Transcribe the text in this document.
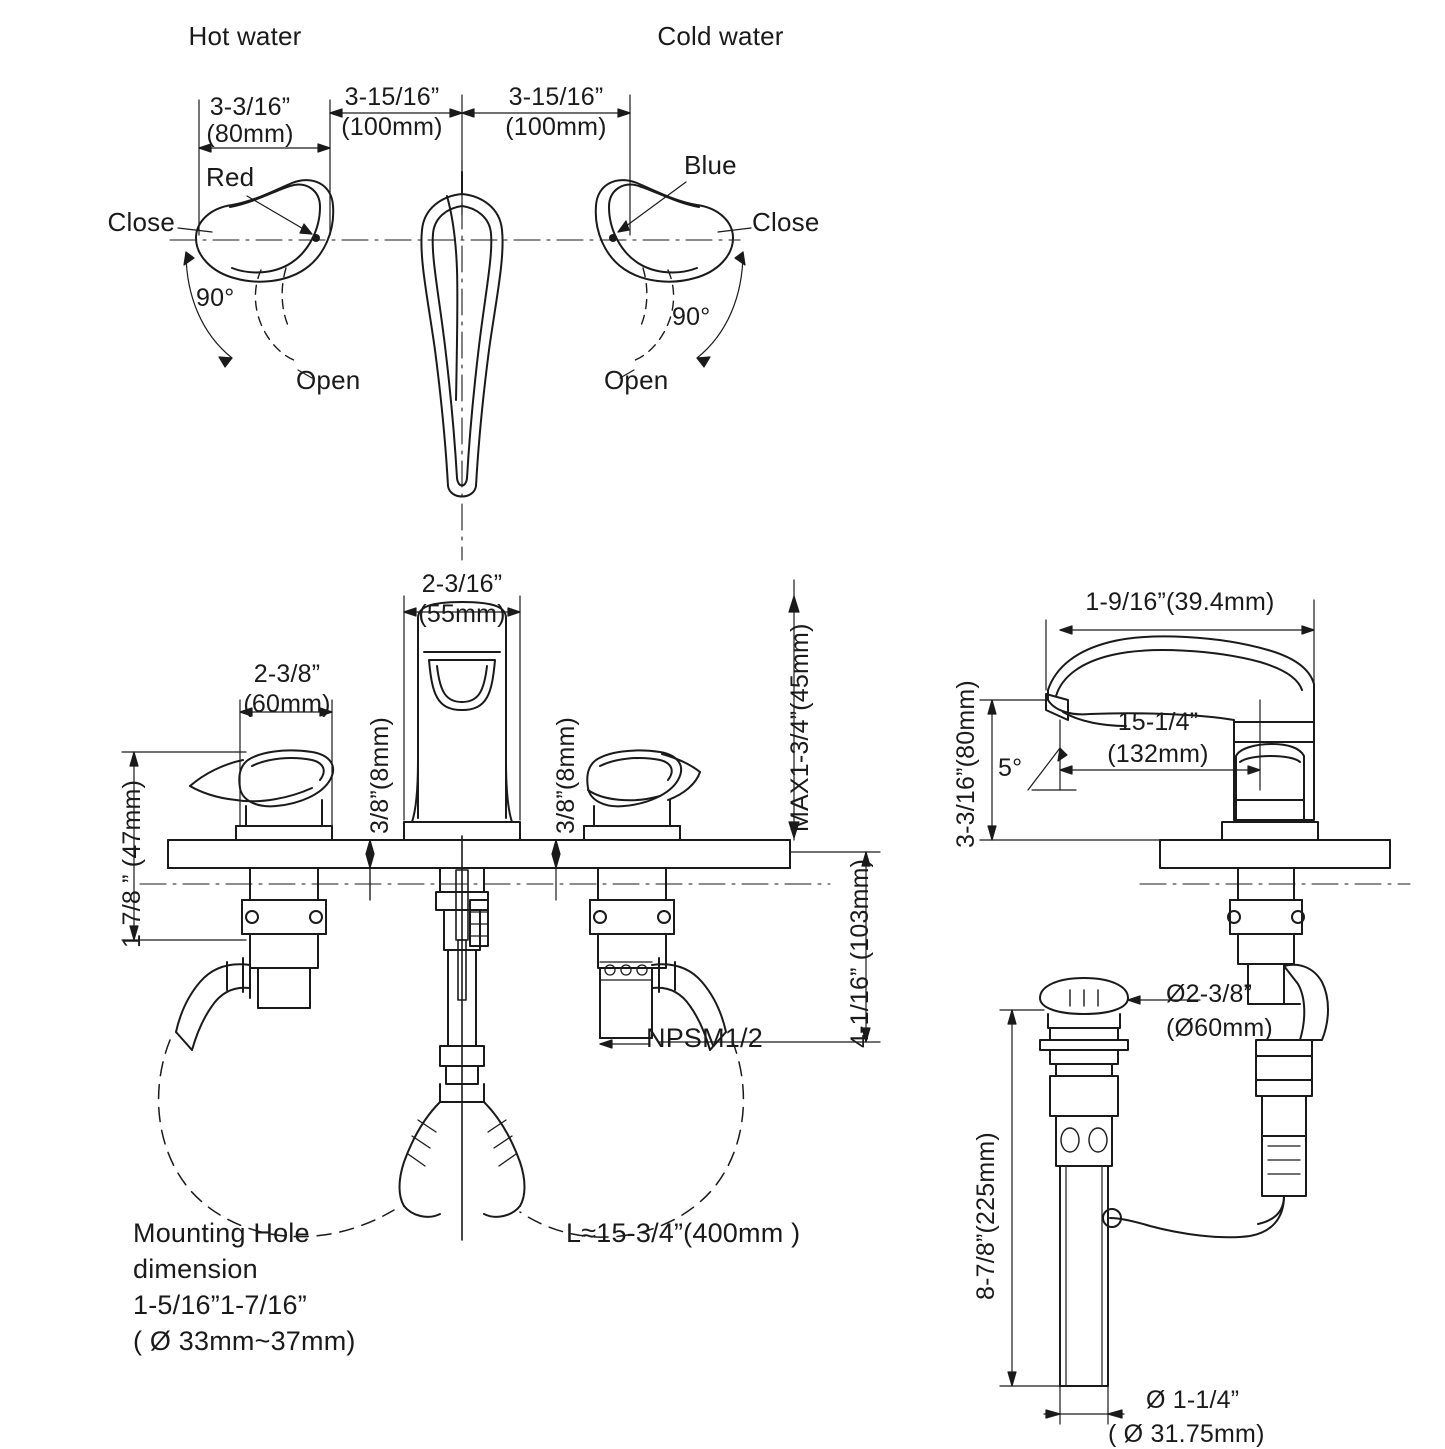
Hot water	Cold water
3-3/16”
(80mm)
3-15/16”
(100mm)
3-15/16”
(100mm)
Red	Blue
Close	Close
90°
90°
Open	Open
2-3/16”
(55mm)
2-3/8”
(60mm)
3/8”(8mm)	3/8”(8mm)	MAX1-3/4”(45mm)
1-7/8 ” (47mm)	4-1/16” (103mm)
NPSM1/2
Mounting Hole
dimension
1-5/16”1-7/16”
( Ø 33mm~37mm)
L≈15-3/4”(400mm )
1-9/16”(39.4mm)
15-1/4”
(132mm)
3-3/16”(80mm) 5°
Ø2-3/8”
(Ø60mm)
8-7/8”(225mm)
Ø 1-1/4”
( Ø 31.75mm)
